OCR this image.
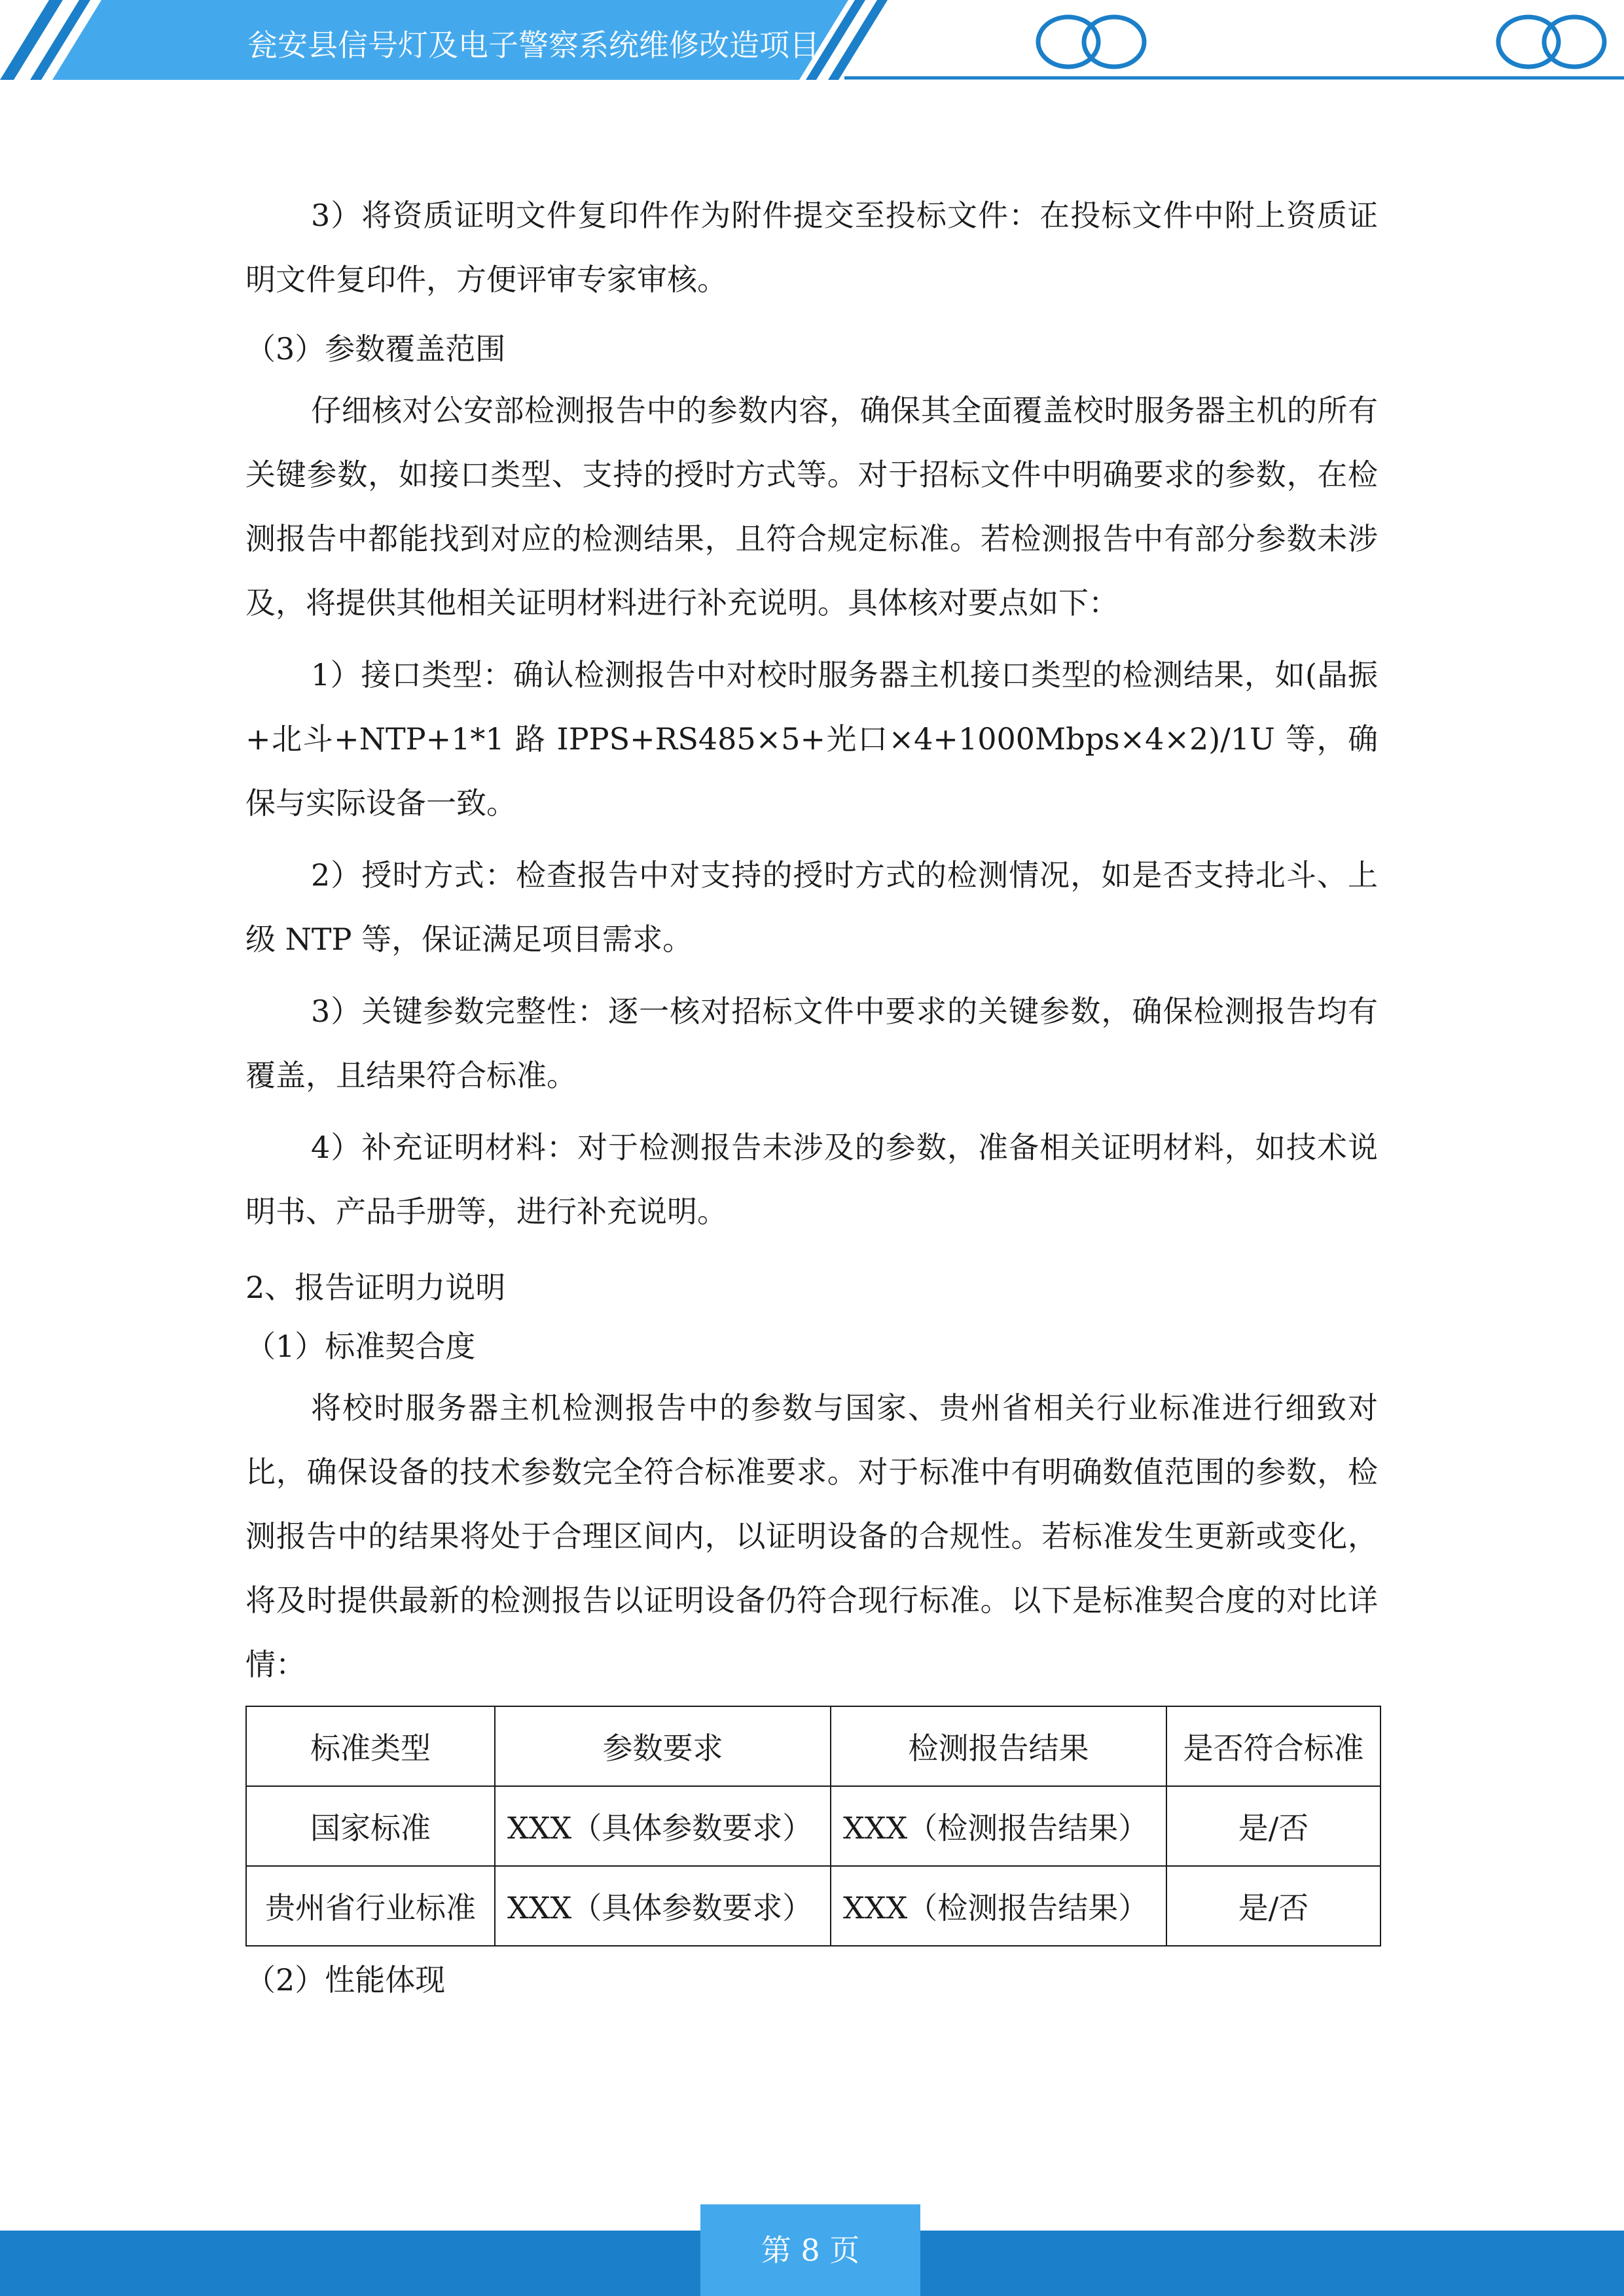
瓮安县信号灯及电子警察系统维修改造项目

3）将资质证明文件复印件作为附件提交至投标文件：在投标文件中附上资质证明文件复印件，方便评审专家审核。

（3）参数覆盖范围

仔细核对公安部检测报告中的参数内容，确保其全面覆盖校时服务器主机的所有关键参数，如接口类型、支持的授时方式等。对于招标文件中明确要求的参数，在检测报告中都能找到对应的检测结果，且符合规定标准。若检测报告中有部分参数未涉及，将提供其他相关证明材料进行补充说明。具体核对要点如下：

1）接口类型：确认检测报告中对校时服务器主机接口类型的检测结果，如(晶振+北斗+NTP+1*1 路 IPPS+RS485×5+光口×4+1000Mbps×4×2)/1U 等，确保与实际设备一致。

2）授时方式：检查报告中对支持的授时方式的检测情况，如是否支持北斗、上级 NTP 等，保证满足项目需求。

3）关键参数完整性：逐一核对招标文件中要求的关键参数，确保检测报告均有覆盖，且结果符合标准。

4）补充证明材料：对于检测报告未涉及的参数，准备相关证明材料，如技术说明书、产品手册等，进行补充说明。

2、报告证明力说明

（1）标准契合度

将校时服务器主机检测报告中的参数与国家、贵州省相关行业标准进行细致对比，确保设备的技术参数完全符合标准要求。对于标准中有明确数值范围的参数，检测报告中的结果将处于合理区间内，以证明设备的合规性。若标准发生更新或变化，将及时提供最新的检测报告以证明设备仍符合现行标准。以下是标准契合度的对比详情：

标准类型	参数要求	检测报告结果	是否符合标准
国家标准	XXX（具体参数要求）	XXX（检测报告结果）	是/否
贵州省行业标准	XXX（具体参数要求）	XXX（检测报告结果）	是/否

（2）性能体现

第 8 页
